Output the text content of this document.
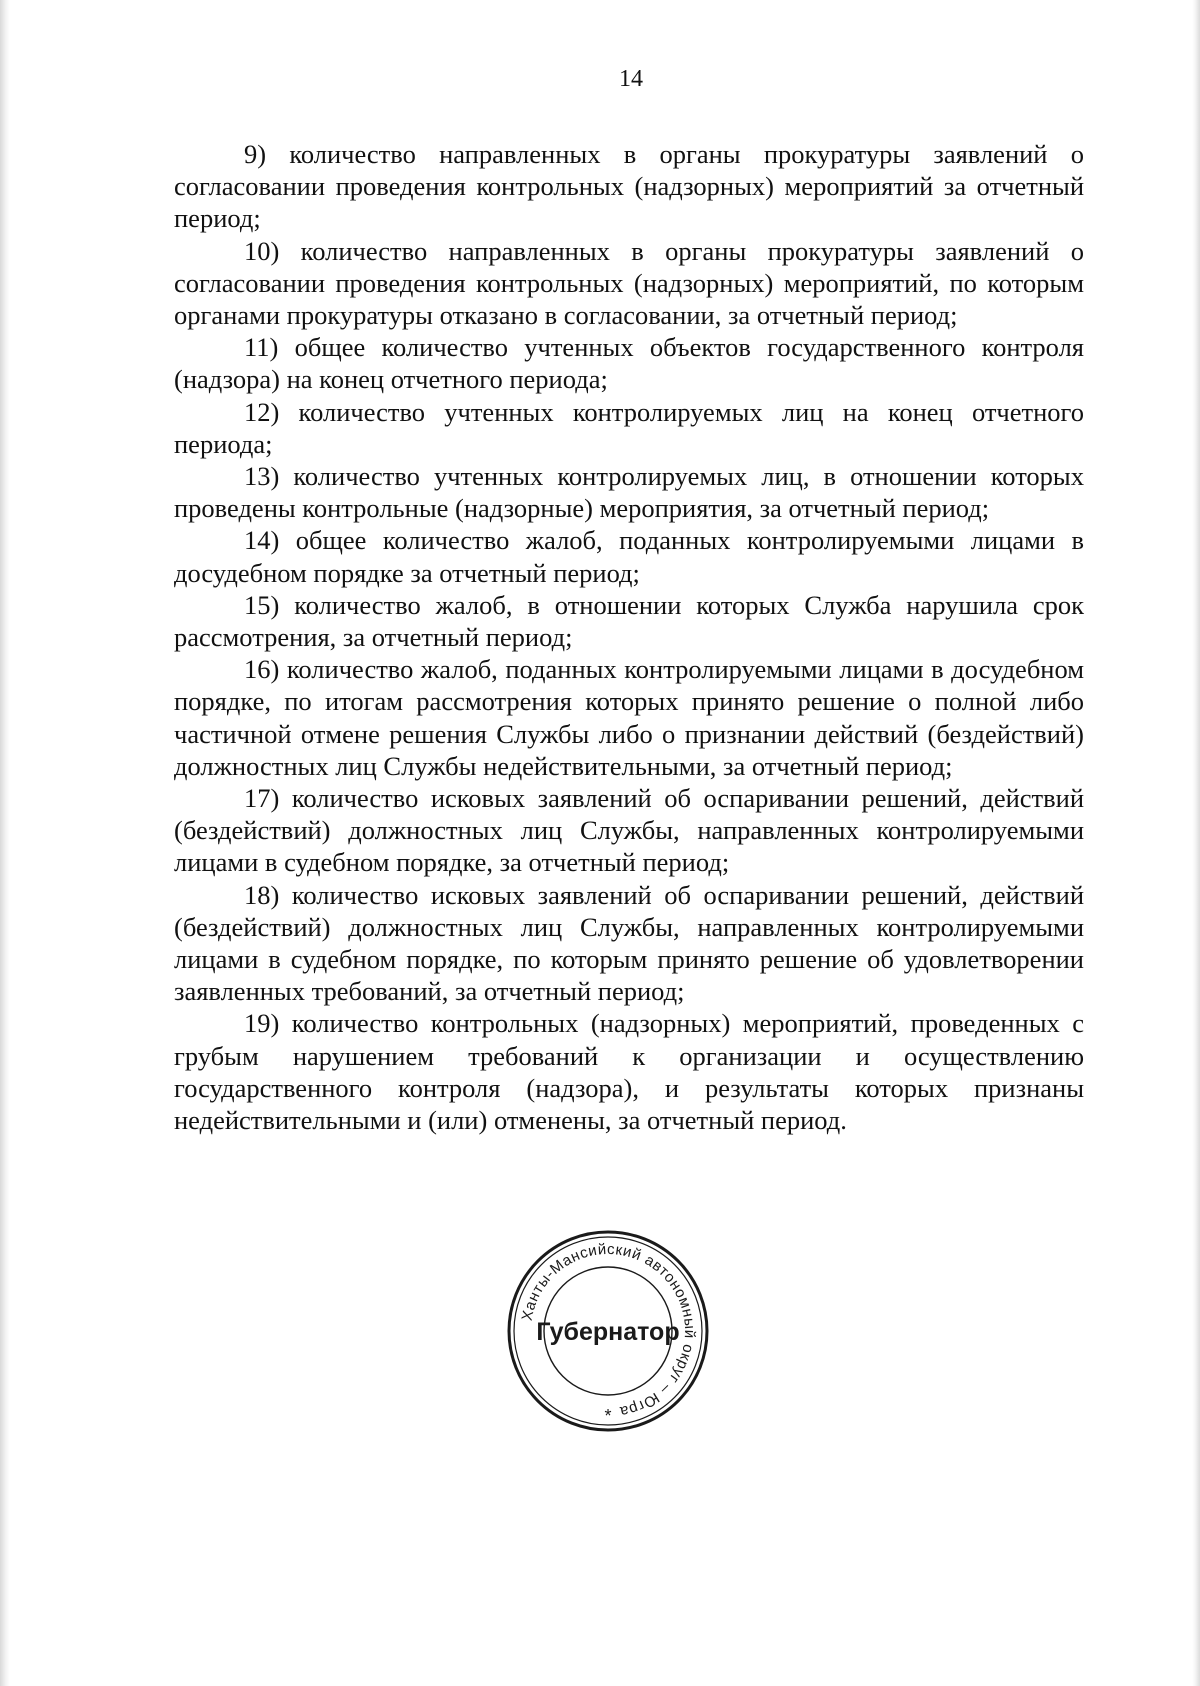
14

9) количество направленных в органы прокуратуры заявлений о согласовании проведения контрольных (надзорных) мероприятий за отчетный период;

10) количество направленных в органы прокуратуры заявлений о согласовании проведения контрольных (надзорных) мероприятий, по которым органами прокуратуры отказано в согласовании, за отчетный период;

11) общее количество учтенных объектов государственного контроля (надзора) на конец отчетного периода;

12) количество учтенных контролируемых лиц на конец отчетного периода;

13) количество учтенных контролируемых лиц, в отношении которых проведены контрольные (надзорные) мероприятия, за отчетный период;

14) общее количество жалоб, поданных контролируемыми лицами в досудебном порядке за отчетный период;

15) количество жалоб, в отношении которых Служба нарушила срок рассмотрения, за отчетный период;

16) количество жалоб, поданных контролируемыми лицами в досудебном порядке, по итогам рассмотрения которых принято решение о полной либо частичной отмене решения Службы либо о признании действий (бездействий) должностных лиц Службы недействительными, за отчетный период;

17) количество исковых заявлений об оспаривании решений, действий (бездействий) должностных лиц Службы, направленных контролируемыми лицами в судебном порядке, за отчетный период;

18) количество исковых заявлений об оспаривании решений, действий (бездействий) должностных лиц Службы, направленных контролируемыми лицами в судебном порядке, по которым принято решение об удовлетворении заявленных требований, за отчетный период;

19) количество контрольных (надзорных) мероприятий, проведенных с грубым нарушением требований к организации и осуществлению государственного контроля (надзора), и результаты которых признаны недействительными и (или) отменены, за отчетный период.

Ханты-Мансийский автономный округ – Югра
Губернатор
*
